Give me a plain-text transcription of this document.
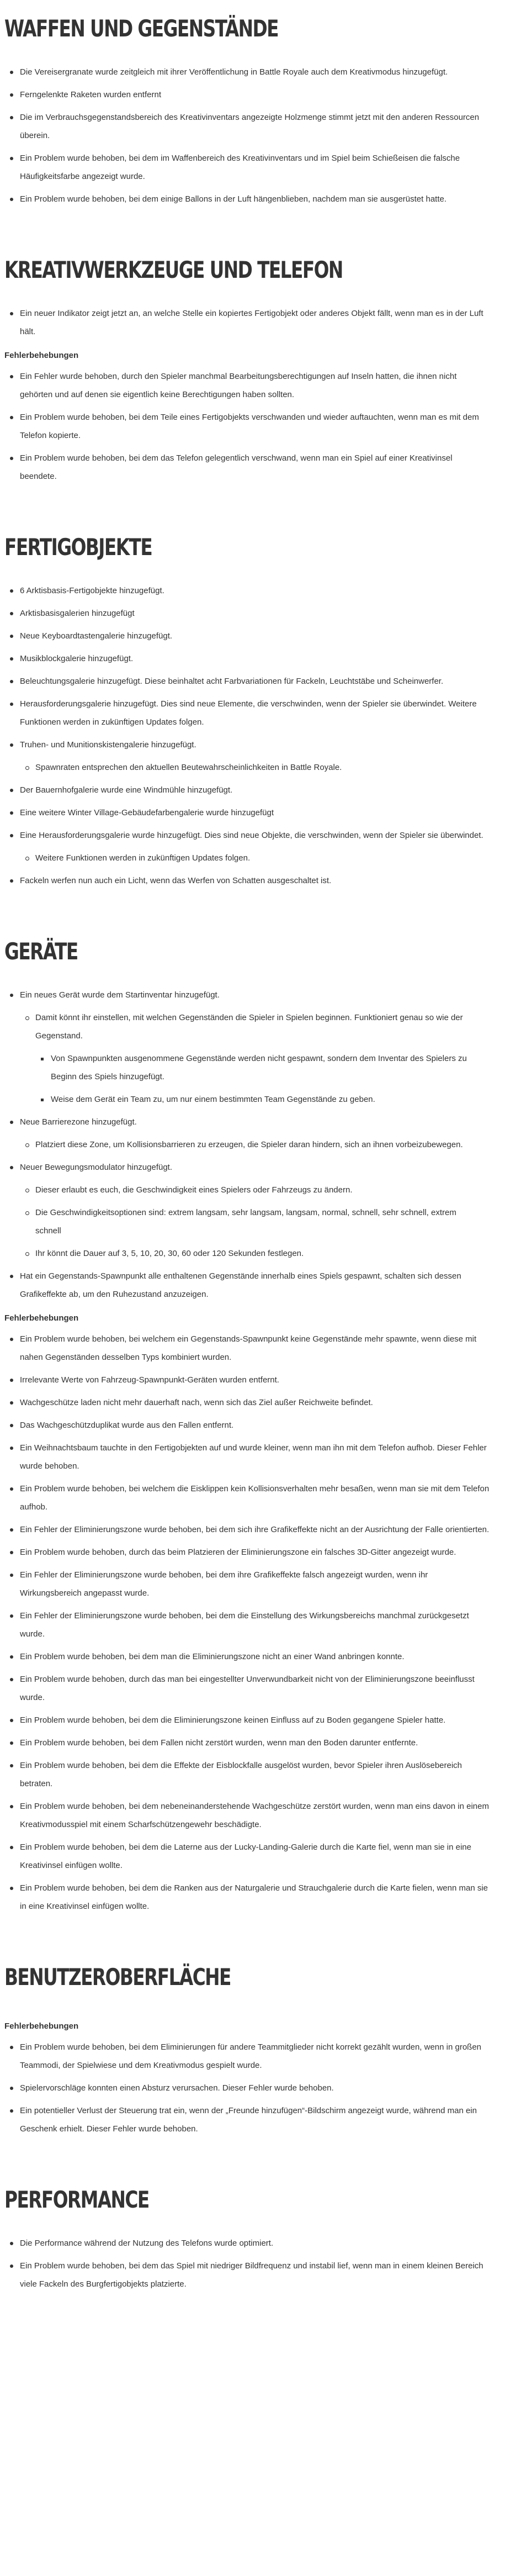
WAFFEN UND GEGENSTÄNDE
Die Vereisergranate wurde zeitgleich mit ihrer Veröffentlichung in Battle Royale auch dem Kreativmodus hinzugefügt.
Ferngelenkte Raketen wurden entfernt
Die im Verbrauchsgegenstandsbereich des Kreativinventars angezeigte Holzmenge stimmt jetzt mit den anderen Ressourcen überein.
Ein Problem wurde behoben, bei dem im Waffenbereich des Kreativinventars und im Spiel beim Schießeisen die falsche Häufigkeitsfarbe angezeigt wurde.
Ein Problem wurde behoben, bei dem einige Ballons in der Luft hängenblieben, nachdem man sie ausgerüstet hatte.
KREATIVWERKZEUGE UND TELEFON
Ein neuer Indikator zeigt jetzt an, an welche Stelle ein kopiertes Fertigobjekt oder anderes Objekt fällt, wenn man es in der Luft hält.
Fehlerbehebungen
Ein Fehler wurde behoben, durch den Spieler manchmal Bearbeitungsberechtigungen auf Inseln hatten, die ihnen nicht gehörten und auf denen sie eigentlich keine Berechtigungen haben sollten.
Ein Problem wurde behoben, bei dem Teile eines Fertigobjekts verschwanden und wieder auftauchten, wenn man es mit dem Telefon kopierte.
Ein Problem wurde behoben, bei dem das Telefon gelegentlich verschwand, wenn man ein Spiel auf einer Kreativinsel beendete.
FERTIGOBJEKTE
6 Arktisbasis-Fertigobjekte hinzugefügt.
Arktisbasisgalerien hinzugefügt
Neue Keyboardtastengalerie hinzugefügt.
Musikblockgalerie hinzugefügt.
Beleuchtungsgalerie hinzugefügt. Diese beinhaltet acht Farbvariationen für Fackeln, Leuchtstäbe und Scheinwerfer.
Herausforderungsgalerie hinzugefügt. Dies sind neue Elemente, die verschwinden, wenn der Spieler sie überwindet. Weitere Funktionen werden in zukünftigen Updates folgen.
Truhen- und Munitionskistengalerie hinzugefügt.
Spawnraten entsprechen den aktuellen Beutewahrscheinlichkeiten in Battle Royale.
Der Bauernhofgalerie wurde eine Windmühle hinzugefügt.
Eine weitere Winter Village-Gebäudefarbengalerie wurde hinzugefügt
Eine Herausforderungsgalerie wurde hinzugefügt. Dies sind neue Objekte, die verschwinden, wenn der Spieler sie überwindet.
Weitere Funktionen werden in zukünftigen Updates folgen.
Fackeln werfen nun auch ein Licht, wenn das Werfen von Schatten ausgeschaltet ist.
GERÄTE
Ein neues Gerät wurde dem Startinventar hinzugefügt.
Damit könnt ihr einstellen, mit welchen Gegenständen die Spieler in Spielen beginnen. Funktioniert genau so wie der Gegenstand.
Von Spawnpunkten ausgenommene Gegenstände werden nicht gespawnt, sondern dem Inventar des Spielers zu Beginn des Spiels hinzugefügt.
Weise dem Gerät ein Team zu, um nur einem bestimmten Team Gegenstände zu geben.
Neue Barrierezone hinzugefügt.
Platziert diese Zone, um Kollisionsbarrieren zu erzeugen, die Spieler daran hindern, sich an ihnen vorbeizubewegen.
Neuer Bewegungsmodulator hinzugefügt.
Dieser erlaubt es euch, die Geschwindigkeit eines Spielers oder Fahrzeugs zu ändern.
Die Geschwindigkeitsoptionen sind: extrem langsam, sehr langsam, langsam, normal, schnell, sehr schnell, extrem schnell
Ihr könnt die Dauer auf 3, 5, 10, 20, 30, 60 oder 120 Sekunden festlegen.
Hat ein Gegenstands-Spawnpunkt alle enthaltenen Gegenstände innerhalb eines Spiels gespawnt, schalten sich dessen Grafikeffekte ab, um den Ruhezustand anzuzeigen.
Fehlerbehebungen
Ein Problem wurde behoben, bei welchem ein Gegenstands-Spawnpunkt keine Gegenstände mehr spawnte, wenn diese mit nahen Gegenständen desselben Typs kombiniert wurden.
Irrelevante Werte von Fahrzeug-Spawnpunkt-Geräten wurden entfernt.
Wachgeschütze laden nicht mehr dauerhaft nach, wenn sich das Ziel außer Reichweite befindet.
Das Wachgeschützduplikat wurde aus den Fallen entfernt.
Ein Weihnachtsbaum tauchte in den Fertigobjekten auf und wurde kleiner, wenn man ihn mit dem Telefon aufhob. Dieser Fehler wurde behoben.
Ein Problem wurde behoben, bei welchem die Eisklippen kein Kollisionsverhalten mehr besaßen, wenn man sie mit dem Telefon aufhob.
Ein Fehler der Eliminierungszone wurde behoben, bei dem sich ihre Grafikeffekte nicht an der Ausrichtung der Falle orientierten.
Ein Problem wurde behoben, durch das beim Platzieren der Eliminierungszone ein falsches 3D-Gitter angezeigt wurde.
Ein Fehler der Eliminierungszone wurde behoben, bei dem ihre Grafikeffekte falsch angezeigt wurden, wenn ihr Wirkungsbereich angepasst wurde.
Ein Fehler der Eliminierungszone wurde behoben, bei dem die Einstellung des Wirkungsbereichs manchmal zurückgesetzt wurde.
Ein Problem wurde behoben, bei dem man die Eliminierungszone nicht an einer Wand anbringen konnte.
Ein Problem wurde behoben, durch das man bei eingestellter Unverwundbarkeit nicht von der Eliminierungszone beeinflusst wurde.
Ein Problem wurde behoben, bei dem die Eliminierungszone keinen Einfluss auf zu Boden gegangene Spieler hatte.
Ein Problem wurde behoben, bei dem Fallen nicht zerstört wurden, wenn man den Boden darunter entfernte.
Ein Problem wurde behoben, bei dem die Effekte der Eisblockfalle ausgelöst wurden, bevor Spieler ihren Auslösebereich betraten.
Ein Problem wurde behoben, bei dem nebeneinanderstehende Wachgeschütze zerstört wurden, wenn man eins davon in einem Kreativmodusspiel mit einem Scharfschützengewehr beschädigte.
Ein Problem wurde behoben, bei dem die Laterne aus der Lucky-Landing-Galerie durch die Karte fiel, wenn man sie in eine Kreativinsel einfügen wollte.
Ein Problem wurde behoben, bei dem die Ranken aus der Naturgalerie und Strauchgalerie durch die Karte fielen, wenn man sie in eine Kreativinsel einfügen wollte.
BENUTZEROBERFLÄCHE
Fehlerbehebungen
Ein Problem wurde behoben, bei dem Eliminierungen für andere Teammitglieder nicht korrekt gezählt wurden, wenn in großen Teammodi, der Spielwiese und dem Kreativmodus gespielt wurde.
Spielervorschläge konnten einen Absturz verursachen. Dieser Fehler wurde behoben.
Ein potentieller Verlust der Steuerung trat ein, wenn der „Freunde hinzufügen“-Bildschirm angezeigt wurde, während man ein Geschenk erhielt. Dieser Fehler wurde behoben.
PERFORMANCE
Die Performance während der Nutzung des Telefons wurde optimiert.
Ein Problem wurde behoben, bei dem das Spiel mit niedriger Bildfrequenz und instabil lief, wenn man in einem kleinen Bereich viele Fackeln des Burgfertigobjekts platzierte.
